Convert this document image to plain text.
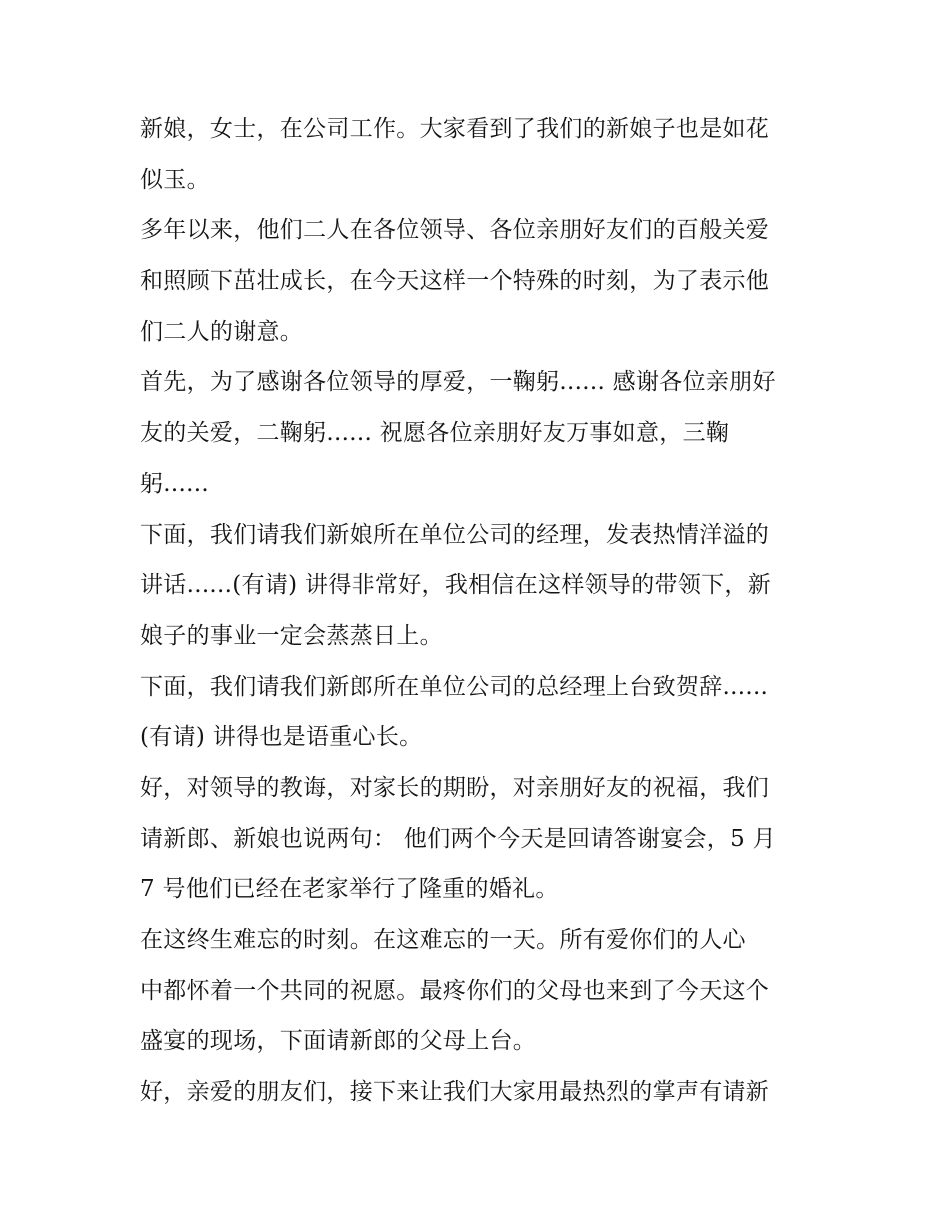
新娘，女士，在公司工作。大家看到了我们的新娘子也是如花
似玉。
多年以来，他们二人在各位领导、各位亲朋好友们的百般关爱
和照顾下茁壮成长，在今天这样一个特殊的时刻，为了表示他
们二人的谢意。
首先，为了感谢各位领导的厚爱，一鞠躬...... 感谢各位亲朋好
友的关爱，二鞠躬...... 祝愿各位亲朋好友万事如意，三鞠
躬......
下面，我们请我们新娘所在单位公司的经理，发表热情洋溢的
讲话......(有请) 讲得非常好，我相信在这样领导的带领下，新
娘子的事业一定会蒸蒸日上。
下面，我们请我们新郎所在单位公司的总经理上台致贺辞......
(有请) 讲得也是语重心长。
好，对领导的教诲，对家长的期盼，对亲朋好友的祝福，我们
请新郎、新娘也说两句： 他们两个今天是回请答谢宴会，5 月
7 号他们已经在老家举行了隆重的婚礼。
在这终生难忘的时刻。在这难忘的一天。所有爱你们的人心
中都怀着一个共同的祝愿。最疼你们的父母也来到了今天这个
盛宴的现场，下面请新郎的父母上台。
好，亲爱的朋友们，接下来让我们大家用最热烈的掌声有请新
